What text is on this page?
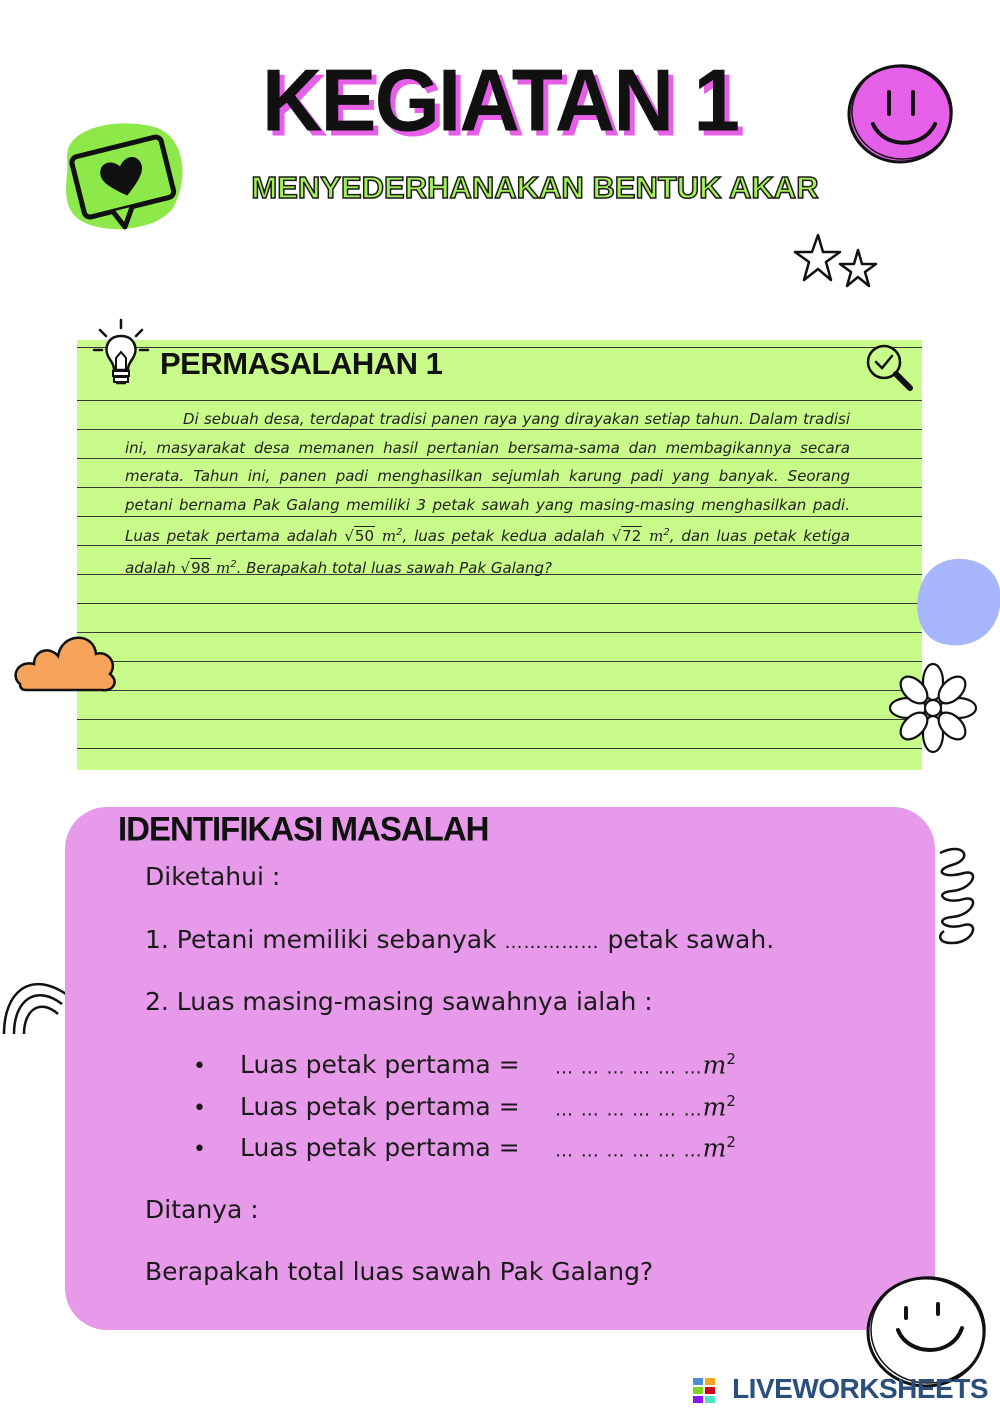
KEGIATAN 1
MENYEDERHANAKAN BENTUK AKAR
PERMASALAHAN 1
Di sebuah desa, terdapat tradisi panen raya yang dirayakan setiap tahun. Dalam tradisi ini, masyarakat desa memanen hasil pertanian bersama-sama dan membagikannya secara merata. Tahun ini, panen padi menghasilkan sejumlah karung padi yang banyak. Seorang petani bernama Pak Galang memiliki 3 petak sawah yang masing-masing menghasilkan padi. Luas petak pertama adalah √50 $m^2$, luas petak kedua adalah √72 $m^2$, dan luas petak ketiga adalah √98 $m^2$. Berapakah total luas sawah Pak Galang?
IDENTIFIKASI MASALAH
Diketahui :
1. Petani memiliki sebanyak …………… petak sawah.
2. Luas masing-masing sawahnya ialah :
• Luas petak pertama = … … … … … $\dots m^2$
• Luas petak pertama = … … … … … $\dots m^2$
• Luas petak pertama = … … … … … $\dots m^2$
Ditanya :
Berapakah total luas sawah Pak Galang?
LIVEWORKSHEETS
